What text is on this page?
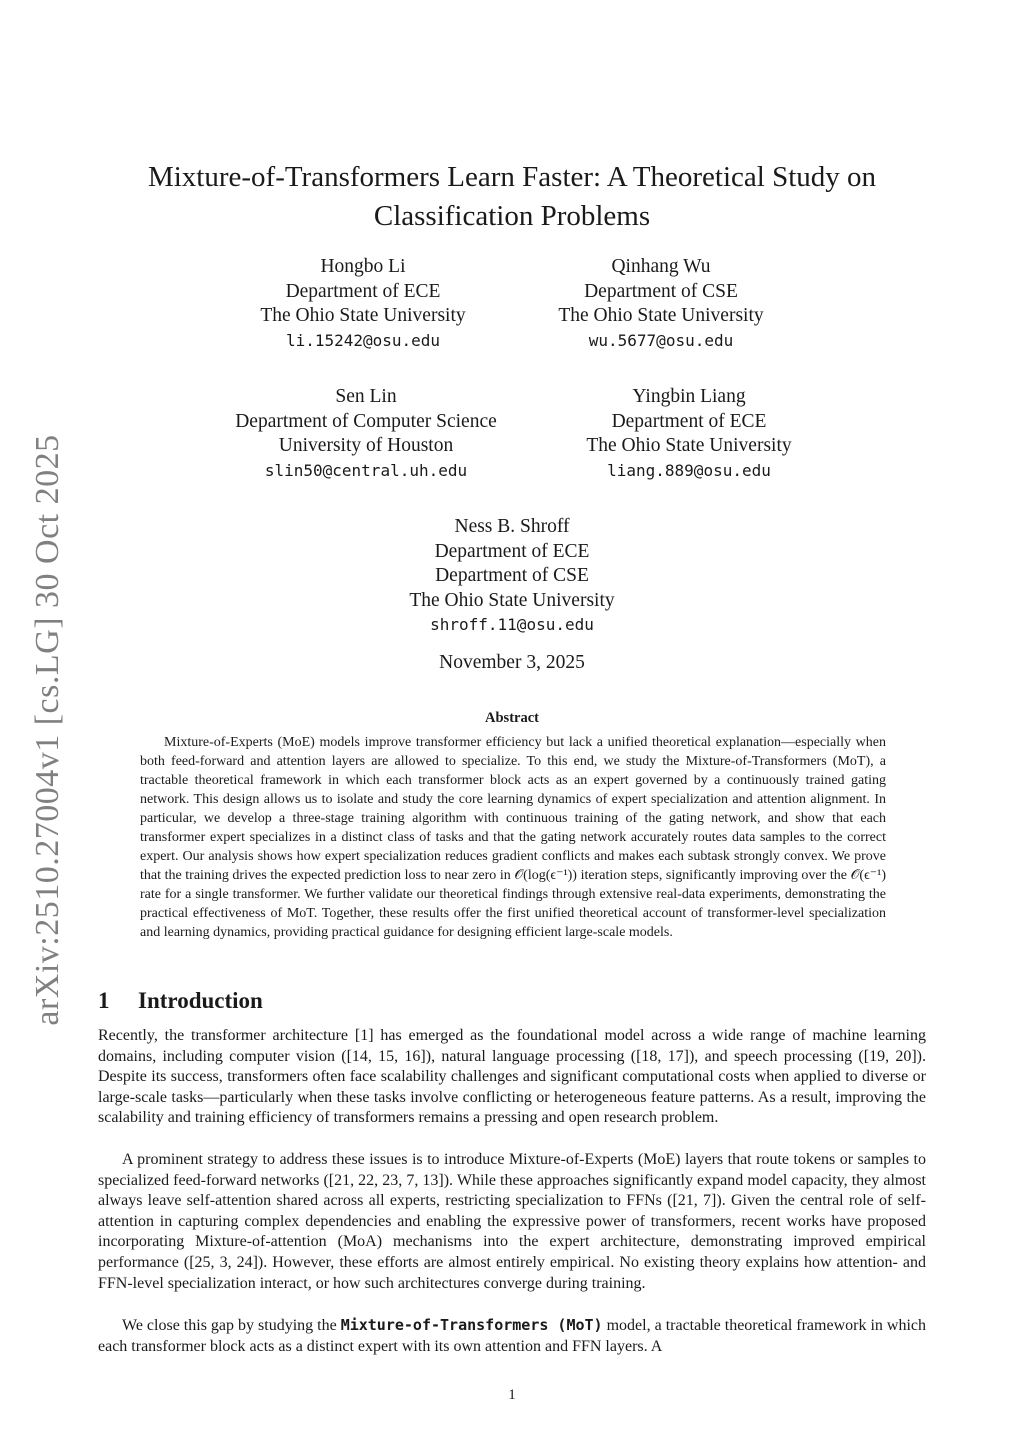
arXiv:2510.27004v1 [cs.LG] 30 Oct 2025
Mixture-of-Transformers Learn Faster: A Theoretical Study on Classification Problems
Hongbo Li
Department of ECE
The Ohio State University
li.15242@osu.edu
Qinhang Wu
Department of CSE
The Ohio State University
wu.5677@osu.edu
Sen Lin
Department of Computer Science
University of Houston
slin50@central.uh.edu
Yingbin Liang
Department of ECE
The Ohio State University
liang.889@osu.edu
Ness B. Shroff
Department of ECE
Department of CSE
The Ohio State University
shroff.11@osu.edu
November 3, 2025
Abstract

Mixture-of-Experts (MoE) models improve transformer efficiency but lack a unified theoretical explanation—especially when both feed-forward and attention layers are allowed to specialize. To this end, we study the Mixture-of-Transformers (MoT), a tractable theoretical framework in which each transformer block acts as an expert governed by a continuously trained gating network. This design allows us to isolate and study the core learning dynamics of expert specialization and attention alignment. In particular, we develop a three-stage training algorithm with continuous training of the gating network, and show that each transformer expert specializes in a distinct class of tasks and that the gating network accurately routes data samples to the correct expert. Our analysis shows how expert specialization reduces gradient conflicts and makes each subtask strongly convex. We prove that the training drives the expected prediction loss to near zero in 𝒪(log(ϵ⁻¹)) iteration steps, significantly improving over the 𝒪(ϵ⁻¹) rate for a single transformer. We further validate our theoretical findings through extensive real-data experiments, demonstrating the practical effectiveness of MoT. Together, these results offer the first unified theoretical account of transformer-level specialization and learning dynamics, providing practical guidance for designing efficient large-scale models.

1 Introduction

Recently, the transformer architecture [1] has emerged as the foundational model across a wide range of machine learning domains, including computer vision ([14, 15, 16]), natural language processing ([18, 17]), and speech processing ([19, 20]). Despite its success, transformers often face scalability challenges and significant computational costs when applied to diverse or large-scale tasks—particularly when these tasks involve conflicting or heterogeneous feature patterns. As a result, improving the scalability and training efficiency of transformers remains a pressing and open research problem.

A prominent strategy to address these issues is to introduce Mixture-of-Experts (MoE) layers that route tokens or samples to specialized feed-forward networks ([21, 22, 23, 7, 13]). While these approaches significantly expand model capacity, they almost always leave self-attention shared across all experts, restricting specialization to FFNs ([21, 7]). Given the central role of self-attention in capturing complex dependencies and enabling the expressive power of transformers, recent works have proposed incorporating Mixture-of-attention (MoA) mechanisms into the expert architecture, demonstrating improved empirical performance ([25, 3, 24]). However, these efforts are almost entirely empirical. No existing theory explains how attention- and FFN-level specialization interact, or how such architectures converge during training.

We close this gap by studying the Mixture-of-Transformers (MoT) model, a tractable theoretical framework in which each transformer block acts as a distinct expert with its own attention and FFN layers. A

1
